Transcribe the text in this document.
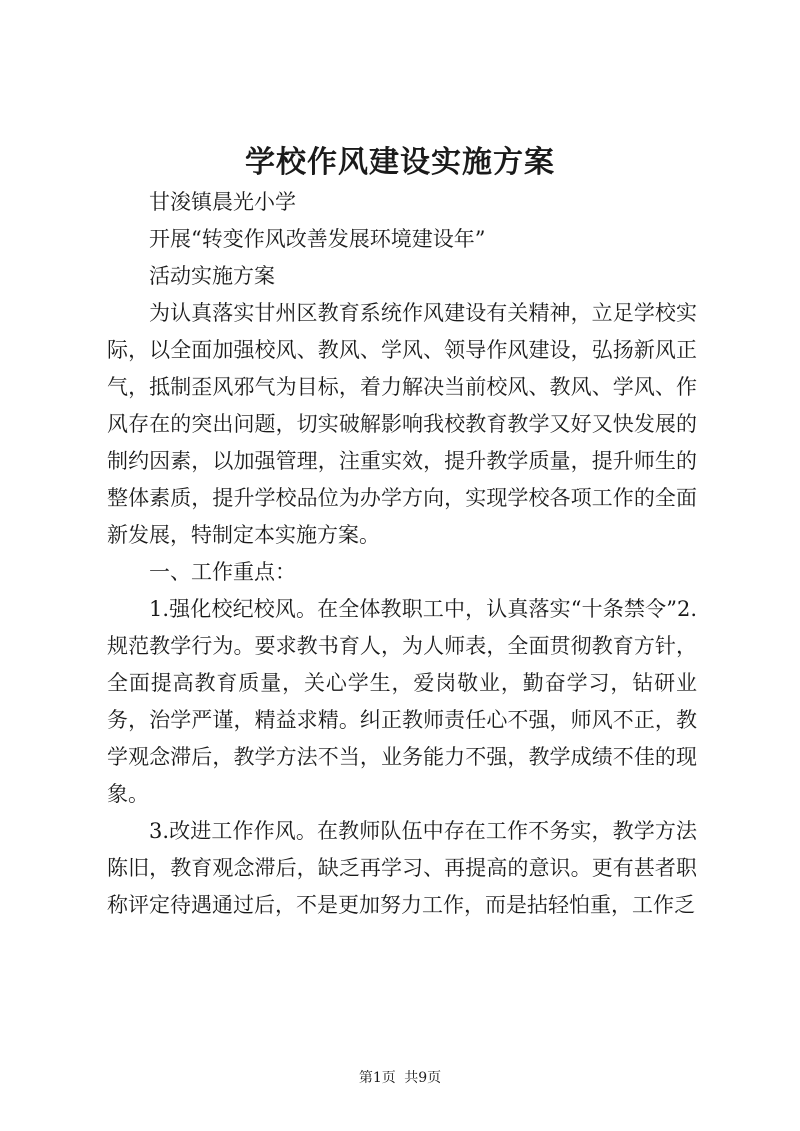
学校作风建设实施方案

甘浚镇晨光小学

开展“转变作风改善发展环境建设年”

活动实施方案

为认真落实甘州区教育系统作风建设有关精神，立足学校实际，以全面加强校风、教风、学风、领导作风建设，弘扬新风正气，抵制歪风邪气为目标，着力解决当前校风、教风、学风、作风存在的突出问题，切实破解影响我校教育教学又好又快发展的制约因素，以加强管理，注重实效，提升教学质量，提升师生的整体素质，提升学校品位为办学方向，实现学校各项工作的全面新发展，特制定本实施方案。

一、工作重点：

1.强化校纪校风。在全体教职工中，认真落实“十条禁令”2.规范教学行为。要求教书育人，为人师表，全面贯彻教育方针，全面提高教育质量，关心学生，爱岗敬业，勤奋学习，钻研业务，治学严谨，精益求精。纠正教师责任心不强，师风不正，教学观念滞后，教学方法不当，业务能力不强，教学成绩不佳的现象。

3.改进工作作风。在教师队伍中存在工作不务实，教学方法陈旧，教育观念滞后，缺乏再学习、再提高的意识。更有甚者职称评定待遇通过后，不是更加努力工作，而是拈轻怕重，工作乏

第1页 共9页
